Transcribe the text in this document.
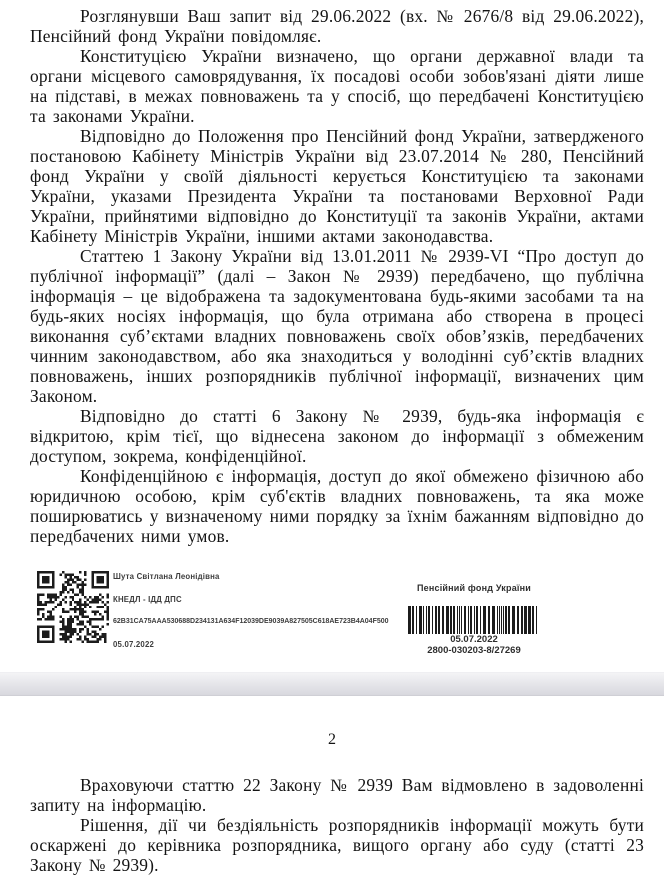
Розглянувши Ваш запит від 29.06.2022 (вх. № 2676/8 від 29.06.2022), Пенсійний фонд України повідомляє.

Конституцією України визначено, що органи державної влади та органи місцевого самоврядування, їх посадові особи зобов'язані діяти лише на підставі, в межах повноважень та у спосіб, що передбачені Конституцією та законами України.

Відповідно до Положення про Пенсійний фонд України, затвердженого постановою Кабінету Міністрів України від 23.07.2014 № 280, Пенсійний фонд України у своїй діяльності керується Конституцією та законами України, указами Президента України та постановами Верховної Ради України, прийнятими відповідно до Конституції та законів України, актами Кабінету Міністрів України, іншими актами законодавства.

Статтею 1 Закону України від 13.01.2011 № 2939-VI “Про доступ до публічної інформації” (далі – Закон № 2939) передбачено, що публічна інформація – це відображена та задокументована будь-якими засобами та на будь-яких носіях інформація, що була отримана або створена в процесі виконання суб’єктами владних повноважень своїх обов’язків, передбачених чинним законодавством, або яка знаходиться у володінні суб’єктів владних повноважень, інших розпорядників публічної інформації, визначених цим Законом.

Відповідно до статті 6 Закону № 2939, будь-яка інформація є відкритою, крім тієї, що віднесена законом до інформації з обмеженим доступом, зокрема, конфіденційної.

Конфіденційною є інформація, доступ до якої обмежено фізичною або юридичною особою, крім суб'єктів владних повноважень, та яка може поширюватись у визначеному ними порядку за їхнім бажанням відповідно до передбачених ними умов.

Шута Світлана Леонідівна
КНЕДЛ - ІДД ДПС
62B31CA75AAA530688D234131A634F12039DE9039A827505C618AE723B4A04F500
05.07.2022
Пенсійний фонд України
05.07.2022
2800-030203-8/27269
2

Враховуючи статтю 22 Закону № 2939 Вам відмовлено в задоволенні запиту на інформацію.

Рішення, дії чи бездіяльність розпорядників інформації можуть бути оскаржені до керівника розпорядника, вищого органу або суду (статті 23 Закону № 2939).
